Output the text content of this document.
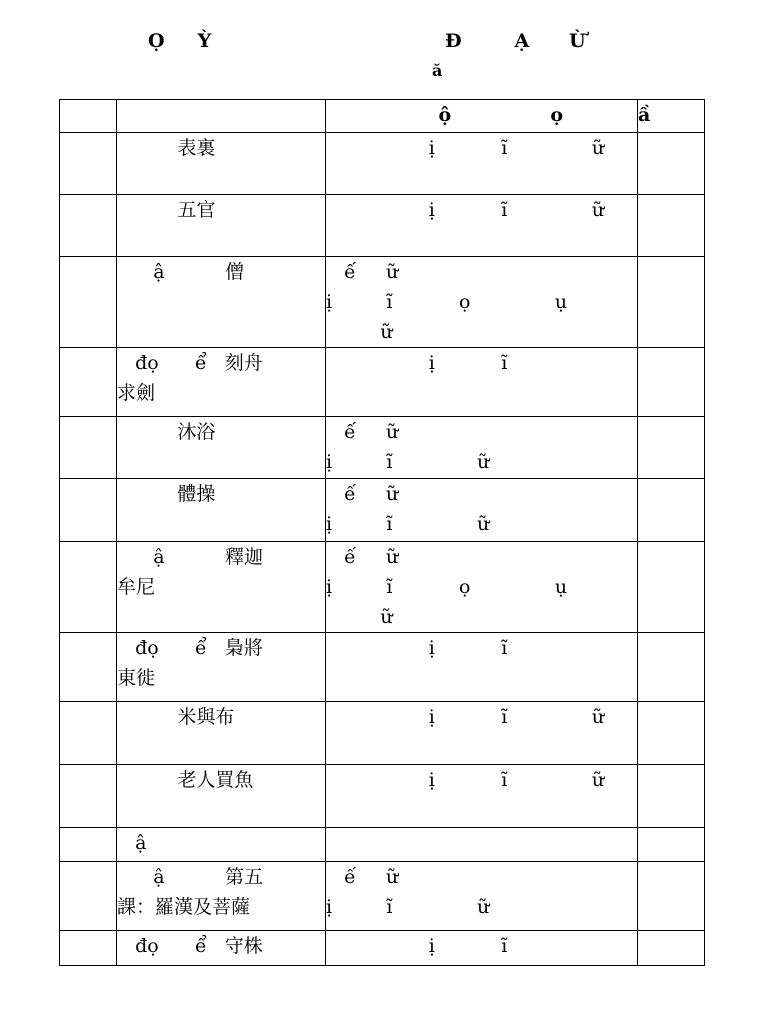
Ọ     Ỳ	Đ        Ạ      Ừ
ă
		ộ               ọ	ầ
	表裏	ị           ĩ              ữ	
	五官	ị           ĩ              ữ	
	ậ          僧	ế     ữ
ị         ĩ           ọ              ụ
ữ	
	đọ      ể   刻舟
求劍	ị           ĩ	
	沐浴	ế     ữ
ị         ĩ              ữ	
	體操	ế     ữ
ị         ĩ              ữ	
	ậ          釋迦
牟尼	ế     ữ
ị         ĩ           ọ              ụ
ữ	
	đọ      ể   梟將
東徙	ị           ĩ	
	米與布	ị           ĩ              ữ	
	老人買魚	ị           ĩ              ữ	
	ậ		
	ậ          第五
課：羅漢及菩薩	ế     ữ
ị         ĩ              ữ	
	đọ      ể   守株	ị           ĩ	
